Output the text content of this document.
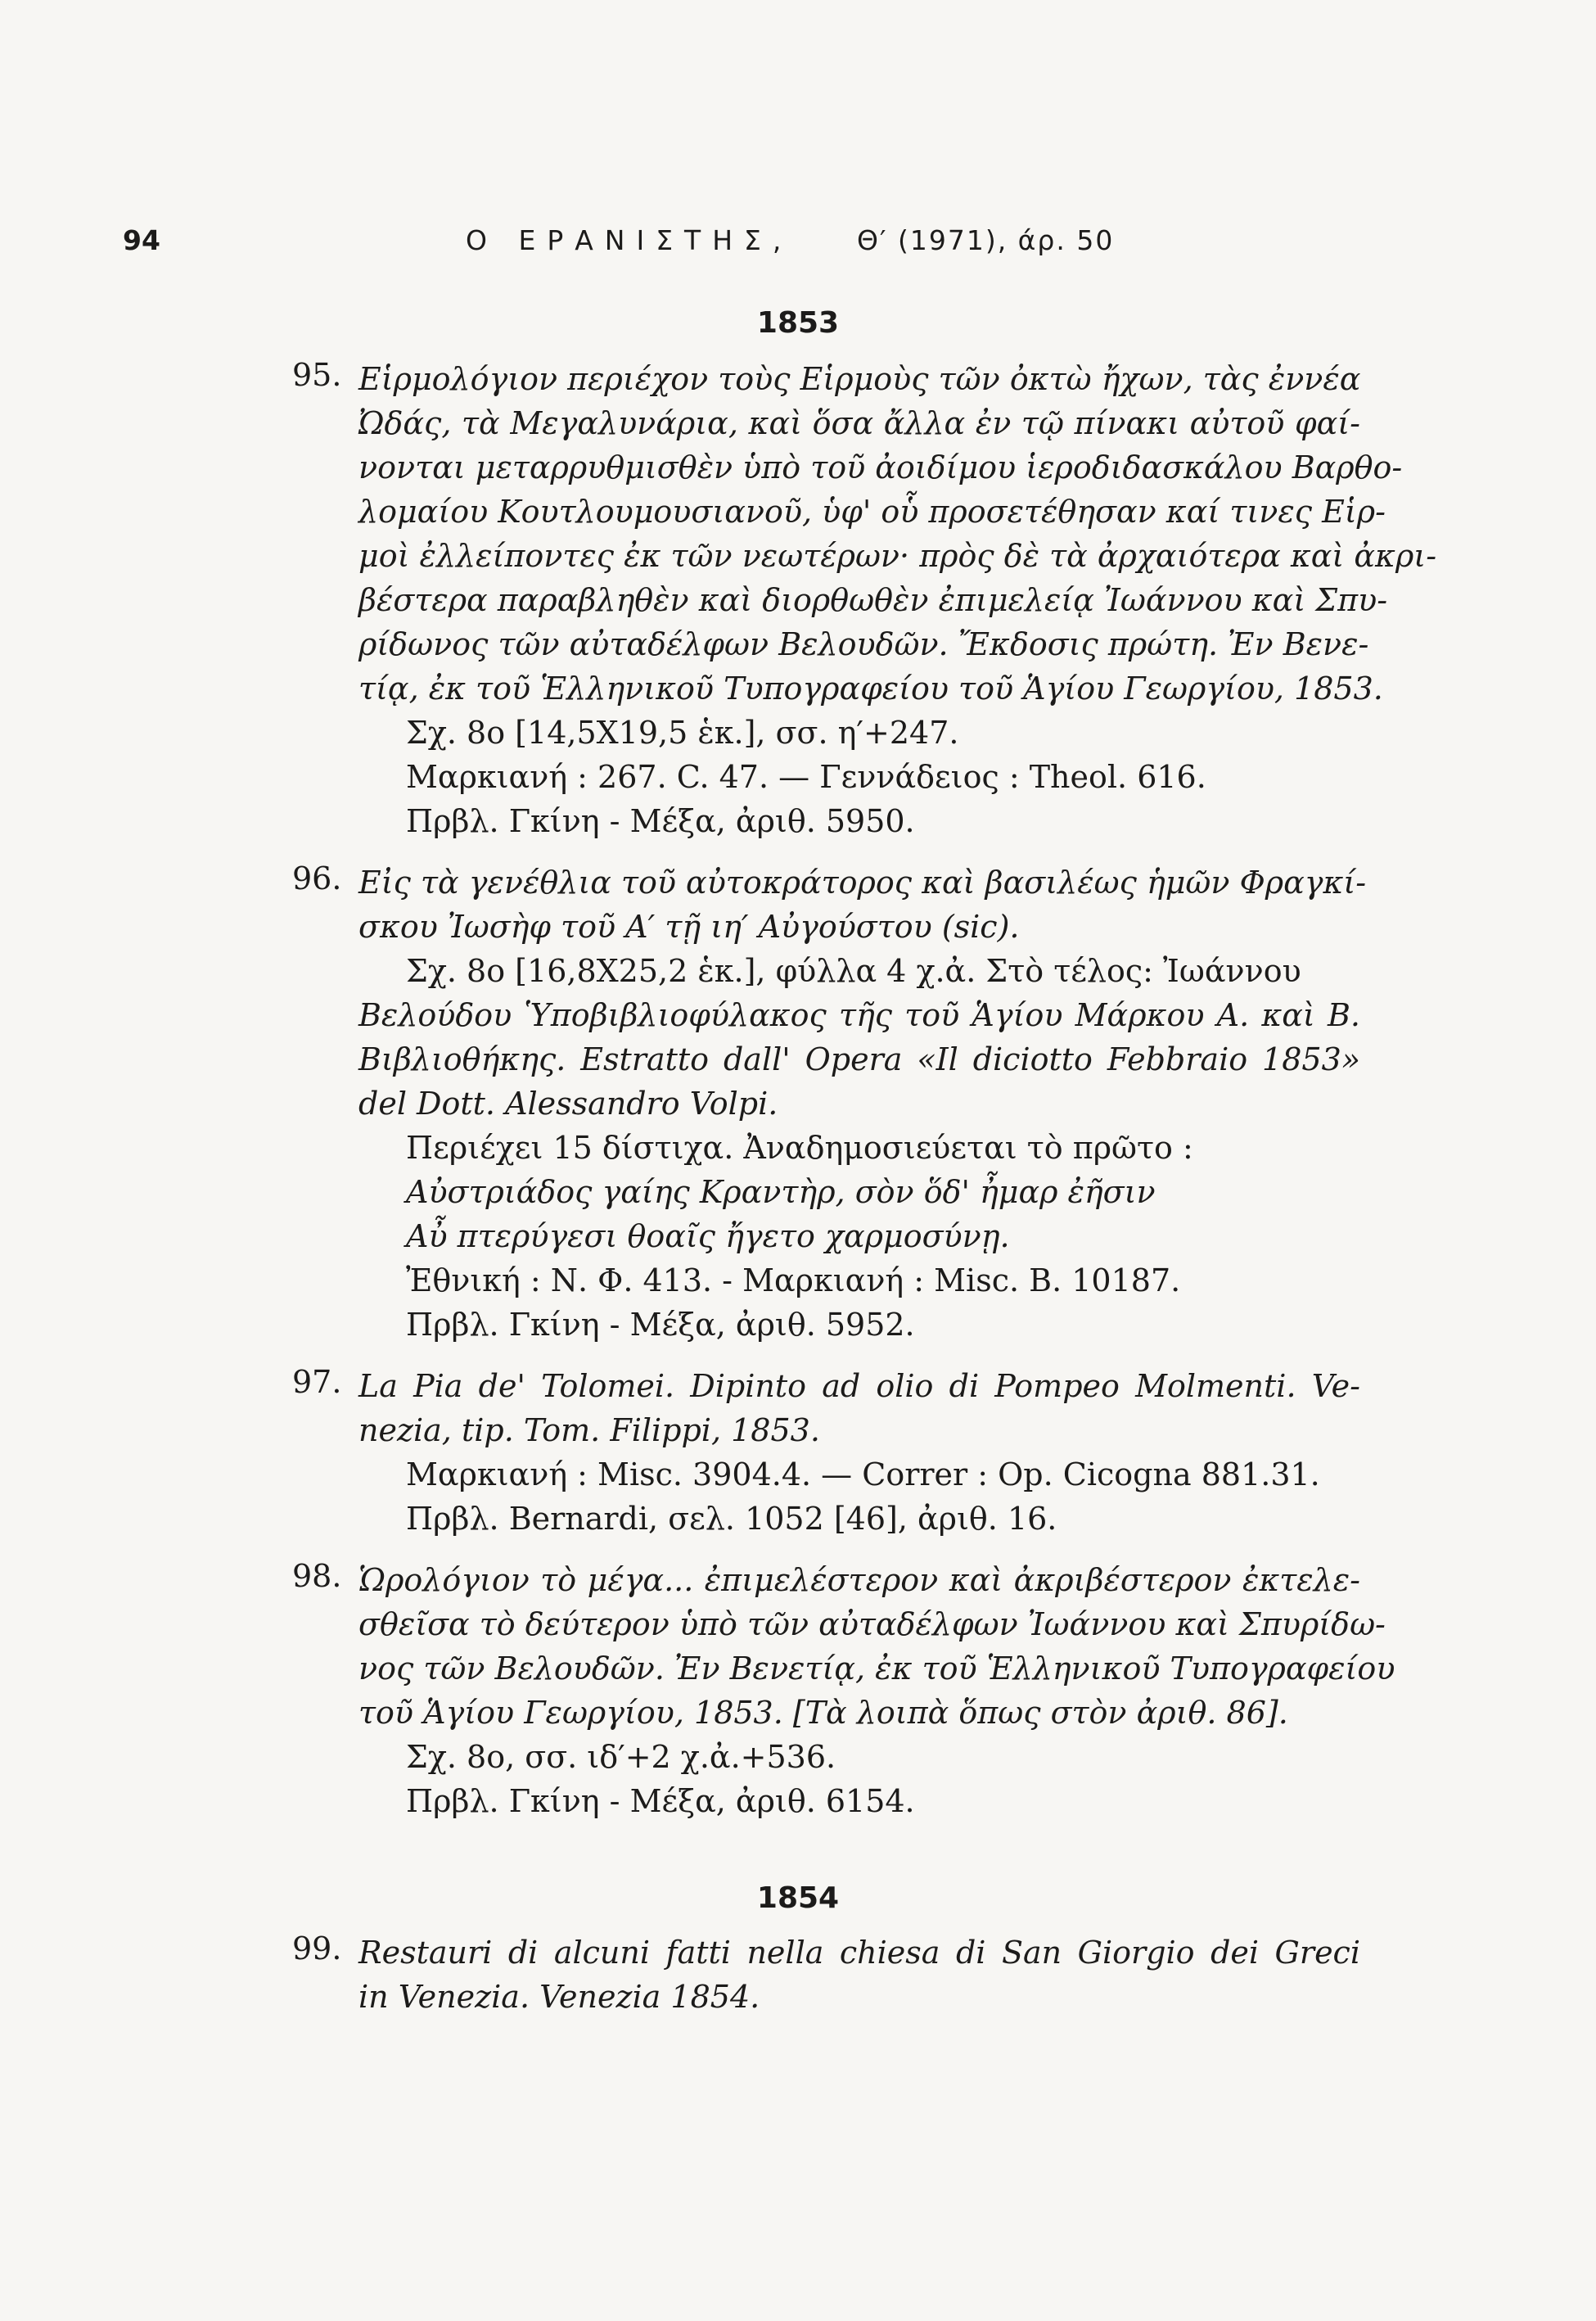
94	Ο ΕΡΑΝΙΣΤΗΣ, Θ′ (1971), άρ. 50
1853
95. Εἱρμολόγιον περιέχον τοὺς Εἱρμοὺς τῶν ὀκτὼ ἤχων, τὰς ἐννέα
Ὠδάς, τὰ Μεγαλυνάρια, καὶ ὅσα ἄλλα ἐν τῷ πίνακι αὐτοῦ φαί-
νονται μεταρρυθμισθὲν ὑπὸ τοῦ ἀοιδίμου ἱεροδιδασκάλου Βαρθο-
λομαίου Κουτλουμουσιανοῦ, ὑφ' οὗ προσετέθησαν καί τινες Εἱρ-
μοὶ ἐλλείποντες ἐκ τῶν νεωτέρων· πρὸς δὲ τὰ ἀρχαιότερα καὶ ἀκρι-
βέστερα παραβληθὲν καὶ διορθωθὲν ἐπιμελείᾳ Ἰωάννου καὶ Σπυ-
ρίδωνος τῶν αὐταδέλφων Βελουδῶν. Ἔκδοσις πρώτη. Ἐν Βενε-
τίᾳ, ἐκ τοῦ Ἑλληνικοῦ Τυπογραφείου τοῦ Ἁγίου Γεωργίου, 1853.
Σχ. 8ο [14,5Χ19,5 ἑκ.], σσ. η′+247.
Μαρκιανή : 267. C. 47. — Γεννάδειος : Theol. 616.
Πρβλ. Γκίνη - Μέξα, ἀριθ. 5950.
96. Εἰς τὰ γενέθλια τοῦ αὐτοκράτορος καὶ βασιλέως ἡμῶν Φραγκί-
σκου Ἰωσὴφ τοῦ Α′ τῇ ιη′ Αὐγούστου (sic).
Σχ. 8ο [16,8Χ25,2 ἑκ.], φύλλα 4 χ.ἀ. Στὸ τέλος: Ἰωάννου
Βελούδου Ὑποβιβλιοφύλακος τῆς τοῦ Ἁγίου Μάρκου Α. καὶ Β.
Βιβλιοθήκης. Estratto dall' Opera «Il diciotto Febbraio 1853»
del Dott. Alessandro Volpi.
Περιέχει 15 δίστιχα. Ἀναδημοσιεύεται τὸ πρῶτο :
Αὐστριάδος γαίης Κραντὴρ, σὸν ὅδ' ἦμαρ ἐῆσιν
Αὖ πτερύγεσι θοαῖς ἤγετο χαρμοσύνῃ.
Ἐθνική : Ν. Φ. 413. - Μαρκιανή : Misc. B. 10187.
Πρβλ. Γκίνη - Μέξα, ἀριθ. 5952.
97. La Pia de' Tolomei. Dipinto ad olio di Pompeo Molmenti. Ve-
nezia, tip. Tom. Filippi, 1853.
Μαρκιανή : Misc. 3904.4. — Correr : Op. Cicogna 881.31.
Πρβλ. Bernardi, σελ. 1052 [46], ἀριθ. 16.
98. Ὡρολόγιον τὸ μέγα... ἐπιμελέστερον καὶ ἀκριβέστερον ἐκτελε-
σθεῖσα τὸ δεύτερον ὑπὸ τῶν αὐταδέλφων Ἰωάννου καὶ Σπυρίδω-
νος τῶν Βελουδῶν. Ἐν Βενετίᾳ, ἐκ τοῦ Ἑλληνικοῦ Τυπογραφείου
τοῦ Ἁγίου Γεωργίου, 1853. [Τὰ λοιπὰ ὅπως στὸν ἀριθ. 86].
Σχ. 8ο, σσ. ιδ′+2 χ.ἀ.+536.
Πρβλ. Γκίνη - Μέξα, ἀριθ. 6154.
1854
99. Restauri di alcuni fatti nella chiesa di San Giorgio dei Greci
in Venezia. Venezia 1854.
